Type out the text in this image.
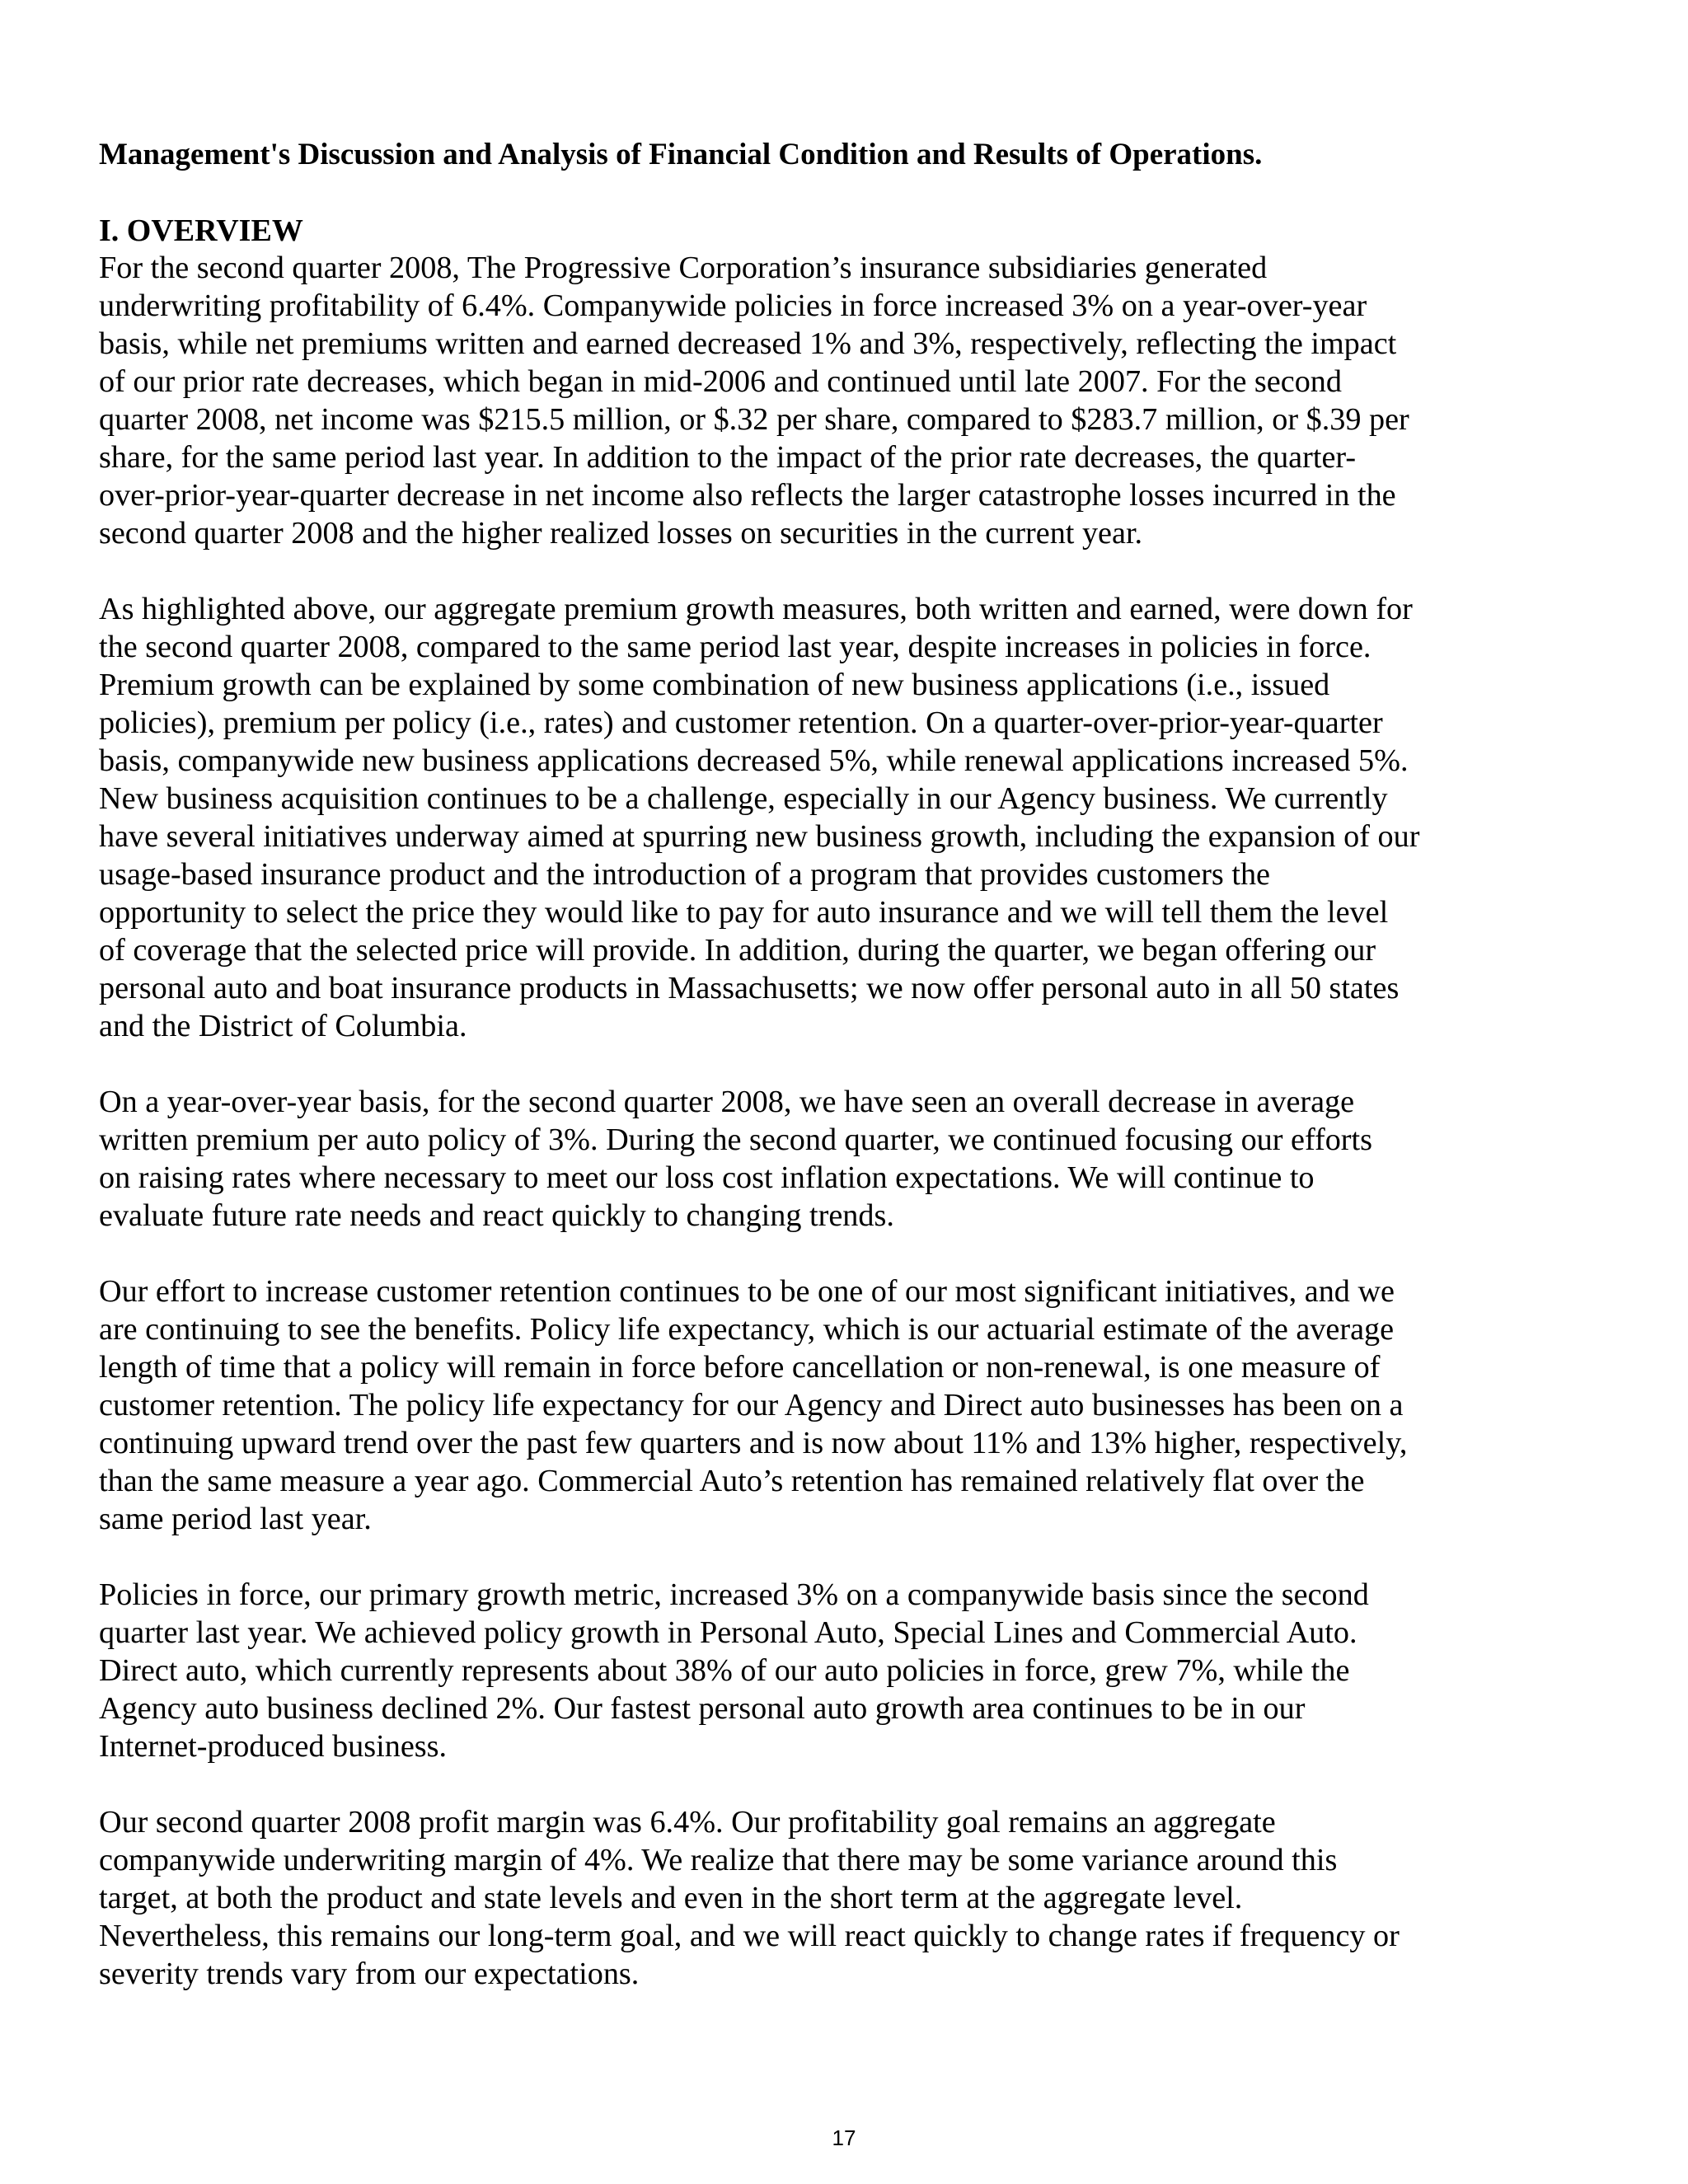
Management's Discussion and Analysis of Financial Condition and Results of Operations.
I. OVERVIEW

For the second quarter 2008, The Progressive Corporation’s insurance subsidiaries generated
underwriting profitability of 6.4%. Companywide policies in force increased 3% on a year-over-year
basis, while net premiums written and earned decreased 1% and 3%, respectively, reflecting the impact
of our prior rate decreases, which began in mid-2006 and continued until late 2007. For the second
quarter 2008, net income was $215.5 million, or $.32 per share, compared to $283.7 million, or $.39 per
share, for the same period last year. In addition to the impact of the prior rate decreases, the quarter-
over-prior-year-quarter decrease in net income also reflects the larger catastrophe losses incurred in the
second quarter 2008 and the higher realized losses on securities in the current year.

As highlighted above, our aggregate premium growth measures, both written and earned, were down for
the second quarter 2008, compared to the same period last year, despite increases in policies in force.
Premium growth can be explained by some combination of new business applications (i.e., issued
policies), premium per policy (i.e., rates) and customer retention. On a quarter-over-prior-year-quarter
basis, companywide new business applications decreased 5%, while renewal applications increased 5%.
New business acquisition continues to be a challenge, especially in our Agency business. We currently
have several initiatives underway aimed at spurring new business growth, including the expansion of our
usage-based insurance product and the introduction of a program that provides customers the
opportunity to select the price they would like to pay for auto insurance and we will tell them the level
of coverage that the selected price will provide. In addition, during the quarter, we began offering our
personal auto and boat insurance products in Massachusetts; we now offer personal auto in all 50 states
and the District of Columbia.

On a year-over-year basis, for the second quarter 2008, we have seen an overall decrease in average
written premium per auto policy of 3%. During the second quarter, we continued focusing our efforts
on raising rates where necessary to meet our loss cost inflation expectations. We will continue to
evaluate future rate needs and react quickly to changing trends.

Our effort to increase customer retention continues to be one of our most significant initiatives, and we
are continuing to see the benefits. Policy life expectancy, which is our actuarial estimate of the average
length of time that a policy will remain in force before cancellation or non-renewal, is one measure of
customer retention. The policy life expectancy for our Agency and Direct auto businesses has been on a
continuing upward trend over the past few quarters and is now about 11% and 13% higher, respectively,
than the same measure a year ago. Commercial Auto’s retention has remained relatively flat over the
same period last year.

Policies in force, our primary growth metric, increased 3% on a companywide basis since the second
quarter last year. We achieved policy growth in Personal Auto, Special Lines and Commercial Auto.
Direct auto, which currently represents about 38% of our auto policies in force, grew 7%, while the
Agency auto business declined 2%. Our fastest personal auto growth area continues to be in our
Internet-produced business.

Our second quarter 2008 profit margin was 6.4%. Our profitability goal remains an aggregate
companywide underwriting margin of 4%. We realize that there may be some variance around this
target, at both the product and state levels and even in the short term at the aggregate level.
Nevertheless, this remains our long-term goal, and we will react quickly to change rates if frequency or
severity trends vary from our expectations.

17
